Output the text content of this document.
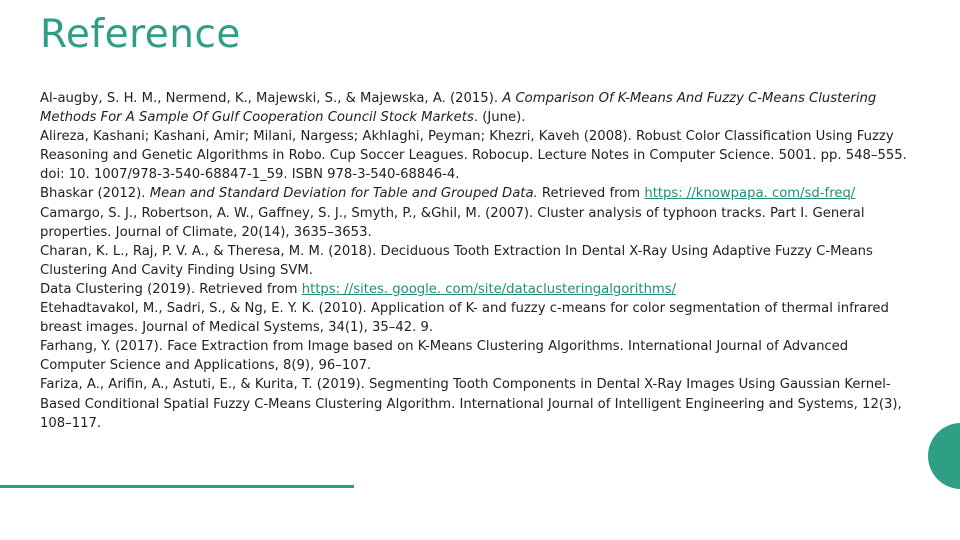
Reference

Al-augby, S. H. M., Nermend, K., Majewski, S., & Majewska, A. (2015). A Comparison Of K-Means And Fuzzy C-Means Clustering Methods For A Sample Of Gulf Cooperation Council Stock Markets. (June).

Alireza, Kashani; Kashani, Amir; Milani, Nargess; Akhlaghi, Peyman; Khezri, Kaveh (2008). Robust Color Classification Using Fuzzy Reasoning and Genetic Algorithms in Robo. Cup Soccer Leagues. Robocup. Lecture Notes in Computer Science. 5001. pp. 548–555. doi: 10. 1007/978-3-540-68847-1_59. ISBN 978-3-540-68846-4.

Bhaskar (2012). Mean and Standard Deviation for Table and Grouped Data. Retrieved from https: //knowpapa. com/sd-freq/

Camargo, S. J., Robertson, A. W., Gaffney, S. J., Smyth, P., &Ghil, M. (2007). Cluster analysis of typhoon tracks. Part I. General properties. Journal of Climate, 20(14), 3635–3653.

Charan, K. L., Raj, P. V. A., & Theresa, M. M. (2018). Deciduous Tooth Extraction In Dental X-Ray Using Adaptive Fuzzy C-Means Clustering And Cavity Finding Using SVM.

Data Clustering (2019). Retrieved from https: //sites. google. com/site/dataclusteringalgorithms/

Etehadtavakol, M., Sadri, S., & Ng, E. Y. K. (2010). Application of K- and fuzzy c-means for color segmentation of thermal infrared breast images. Journal of Medical Systems, 34(1), 35–42. 9.

Farhang, Y. (2017). Face Extraction from Image based on K-Means Clustering Algorithms. International Journal of Advanced Computer Science and Applications, 8(9), 96–107.

Fariza, A., Arifin, A., Astuti, E., & Kurita, T. (2019). Segmenting Tooth Components in Dental X-Ray Images Using Gaussian Kernel-Based Conditional Spatial Fuzzy C-Means Clustering Algorithm. International Journal of Intelligent Engineering and Systems, 12(3), 108–117.
